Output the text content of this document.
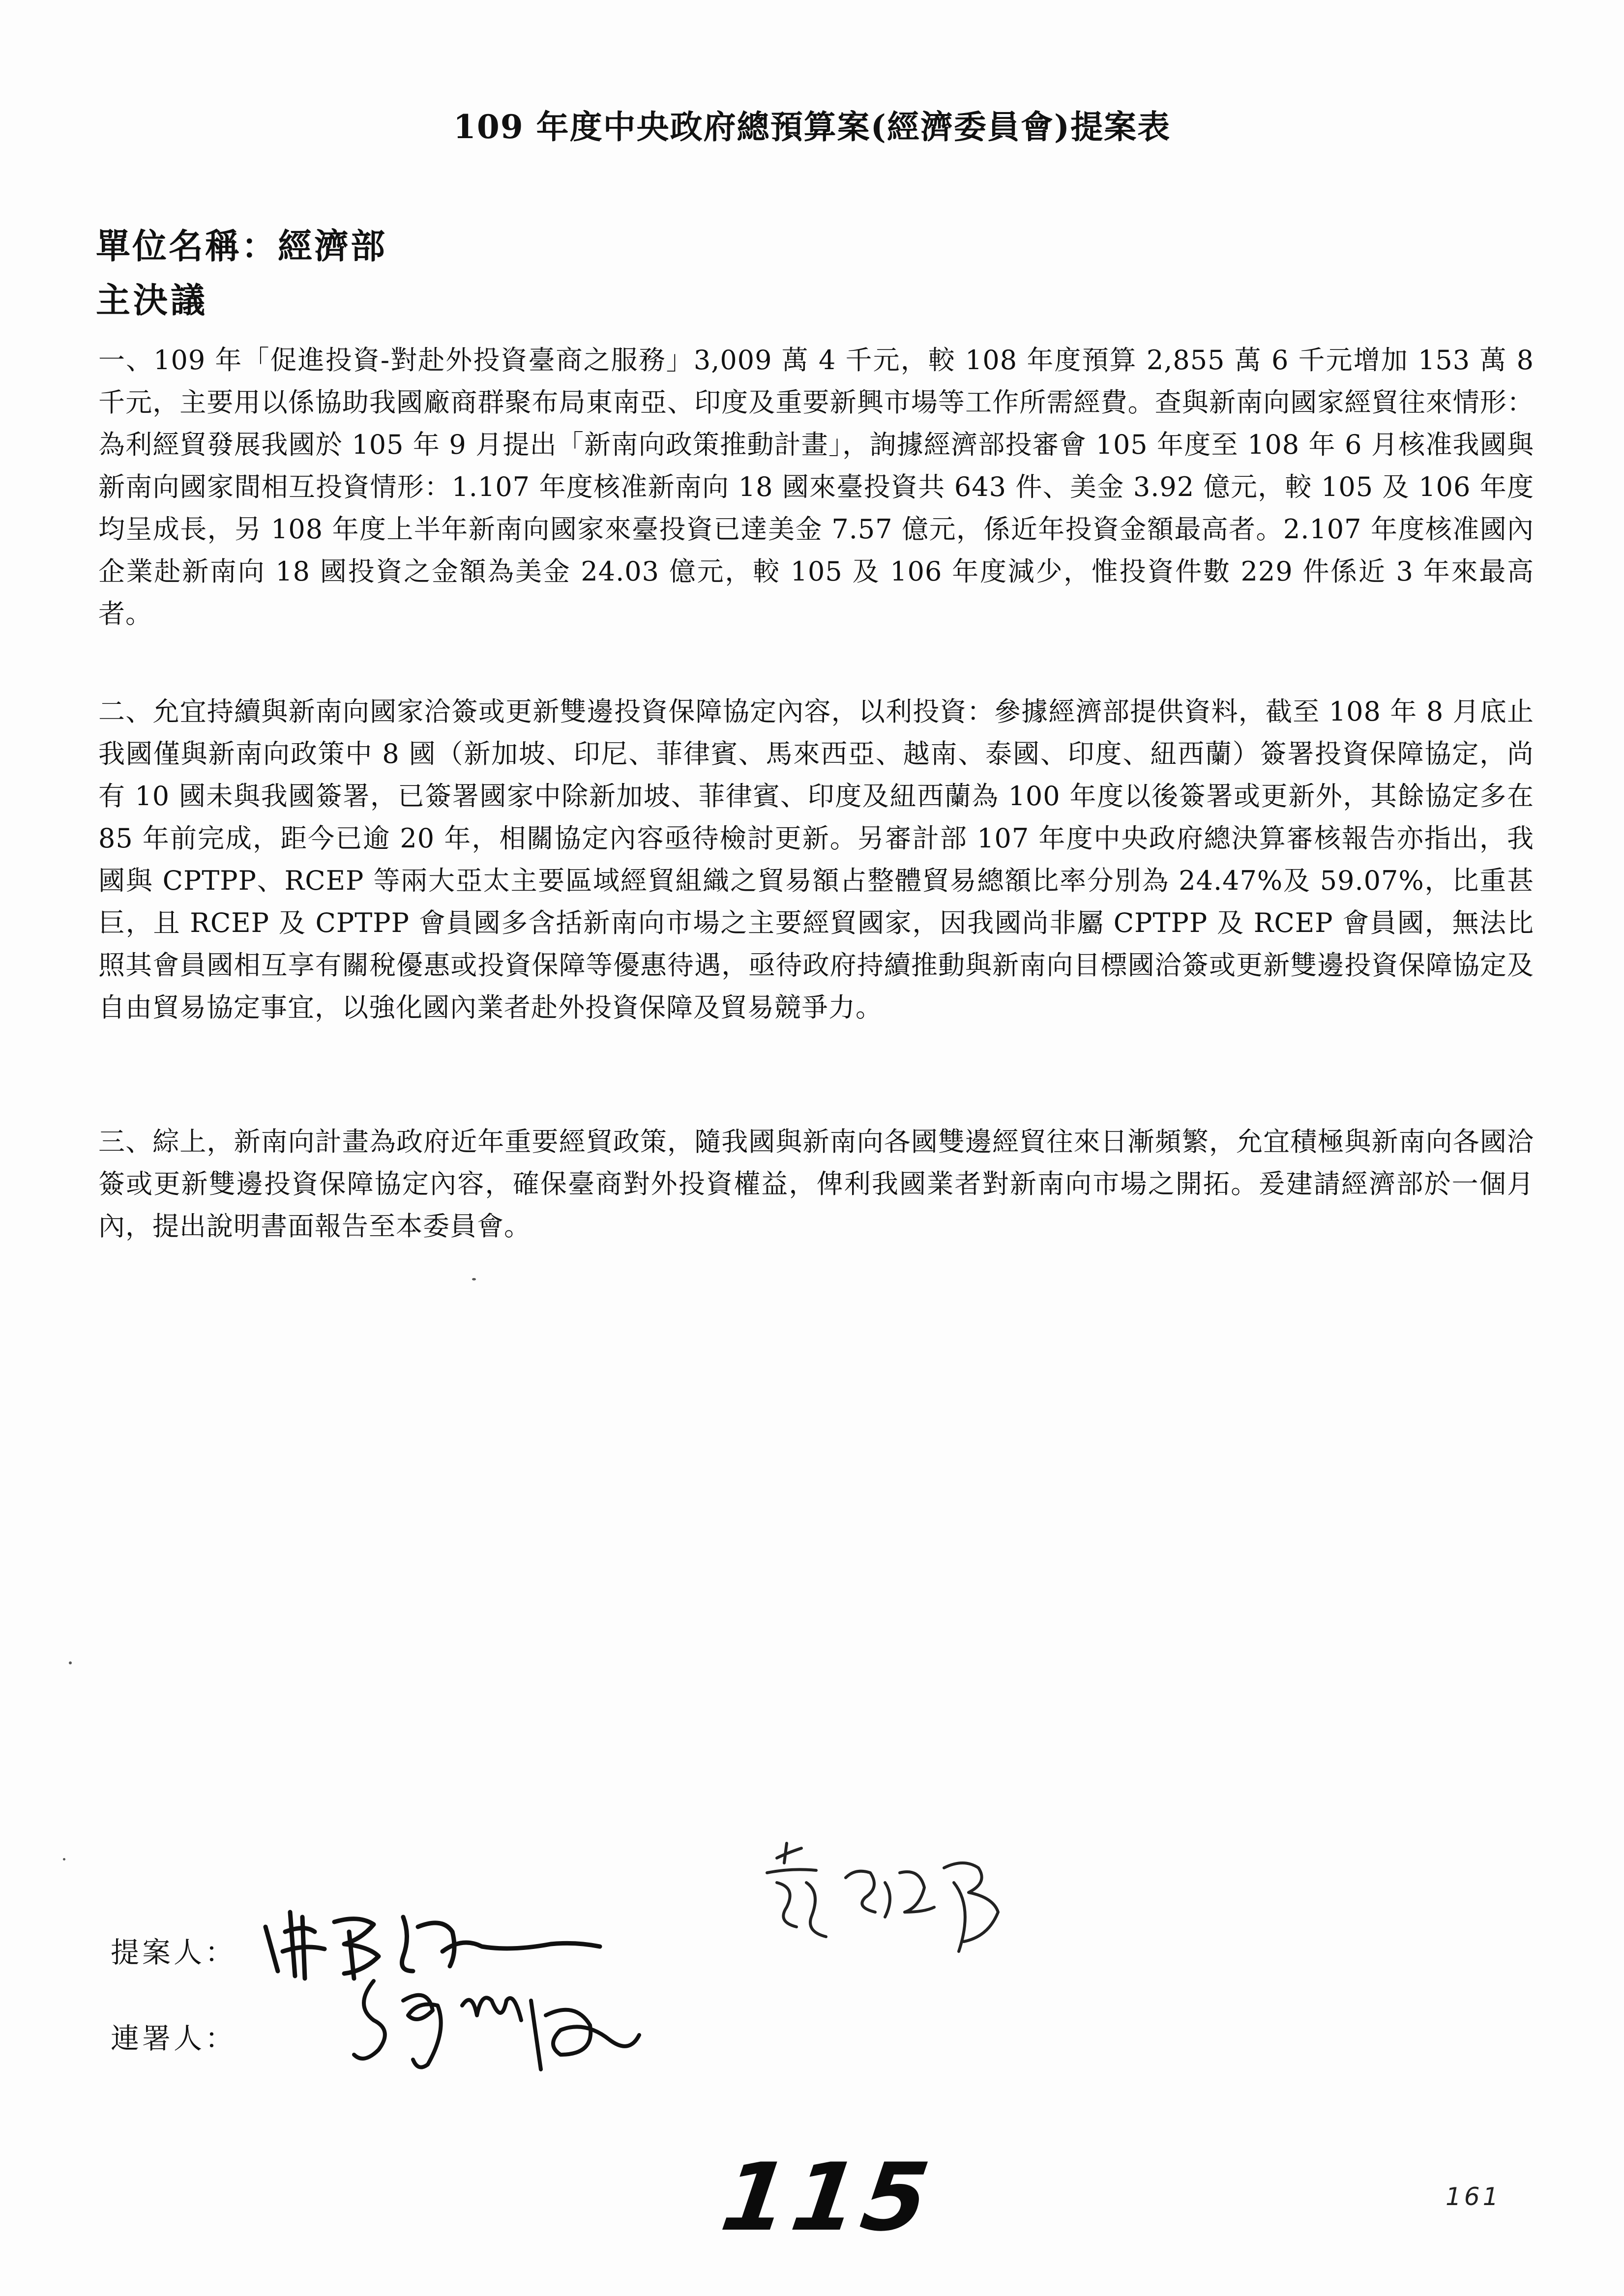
109 年度中央政府總預算案(經濟委員會)提案表
單位名稱：經濟部
主決議
一、109 年「促進投資-對赴外投資臺商之服務」3,009 萬 4 千元，較 108 年度預算 2,855 萬 6 千元增加 153 萬 8 千元，主要用以係協助我國廠商群聚布局東南亞、印度及重要新興市場等工作所需經費。查與新南向國家經貿往來情形：為利經貿發展我國於 105 年 9 月提出「新南向政策推動計畫」，詢據經濟部投審會 105 年度至 108 年 6 月核准我國與新南向國家間相互投資情形：1.107 年度核准新南向 18 國來臺投資共 643 件、美金 3.92 億元，較 105 及 106 年度均呈成長，另 108 年度上半年新南向國家來臺投資已達美金 7.57 億元，係近年投資金額最高者。2.107 年度核准國內企業赴新南向 18 國投資之金額為美金 24.03 億元，較 105 及 106 年度減少，惟投資件數 229 件係近 3 年來最高者。
二、允宜持續與新南向國家洽簽或更新雙邊投資保障協定內容，以利投資：參據經濟部提供資料，截至 108 年 8 月底止我國僅與新南向政策中 8 國（新加坡、印尼、菲律賓、馬來西亞、越南、泰國、印度、紐西蘭）簽署投資保障協定，尚有 10 國未與我國簽署，已簽署國家中除新加坡、菲律賓、印度及紐西蘭為 100 年度以後簽署或更新外，其餘協定多在 85 年前完成，距今已逾 20 年，相關協定內容亟待檢討更新。另審計部 107 年度中央政府總決算審核報告亦指出，我國與 CPTPP、RCEP 等兩大亞太主要區域經貿組織之貿易額占整體貿易總額比率分別為 24.47%及 59.07%，比重甚巨，且 RCEP 及 CPTPP 會員國多含括新南向市場之主要經貿國家，因我國尚非屬 CPTPP 及 RCEP 會員國，無法比照其會員國相互享有關稅優惠或投資保障等優惠待遇，亟待政府持續推動與新南向目標國洽簽或更新雙邊投資保障協定及自由貿易協定事宜，以強化國內業者赴外投資保障及貿易競爭力。
三、綜上，新南向計畫為政府近年重要經貿政策，隨我國與新南向各國雙邊經貿往來日漸頻繁，允宜積極與新南向各國洽簽或更新雙邊投資保障協定內容，確保臺商對外投資權益，俾利我國業者對新南向市場之開拓。爰建請經濟部於一個月內，提出說明書面報告至本委員會。
提案人：
連署人：
115	161
